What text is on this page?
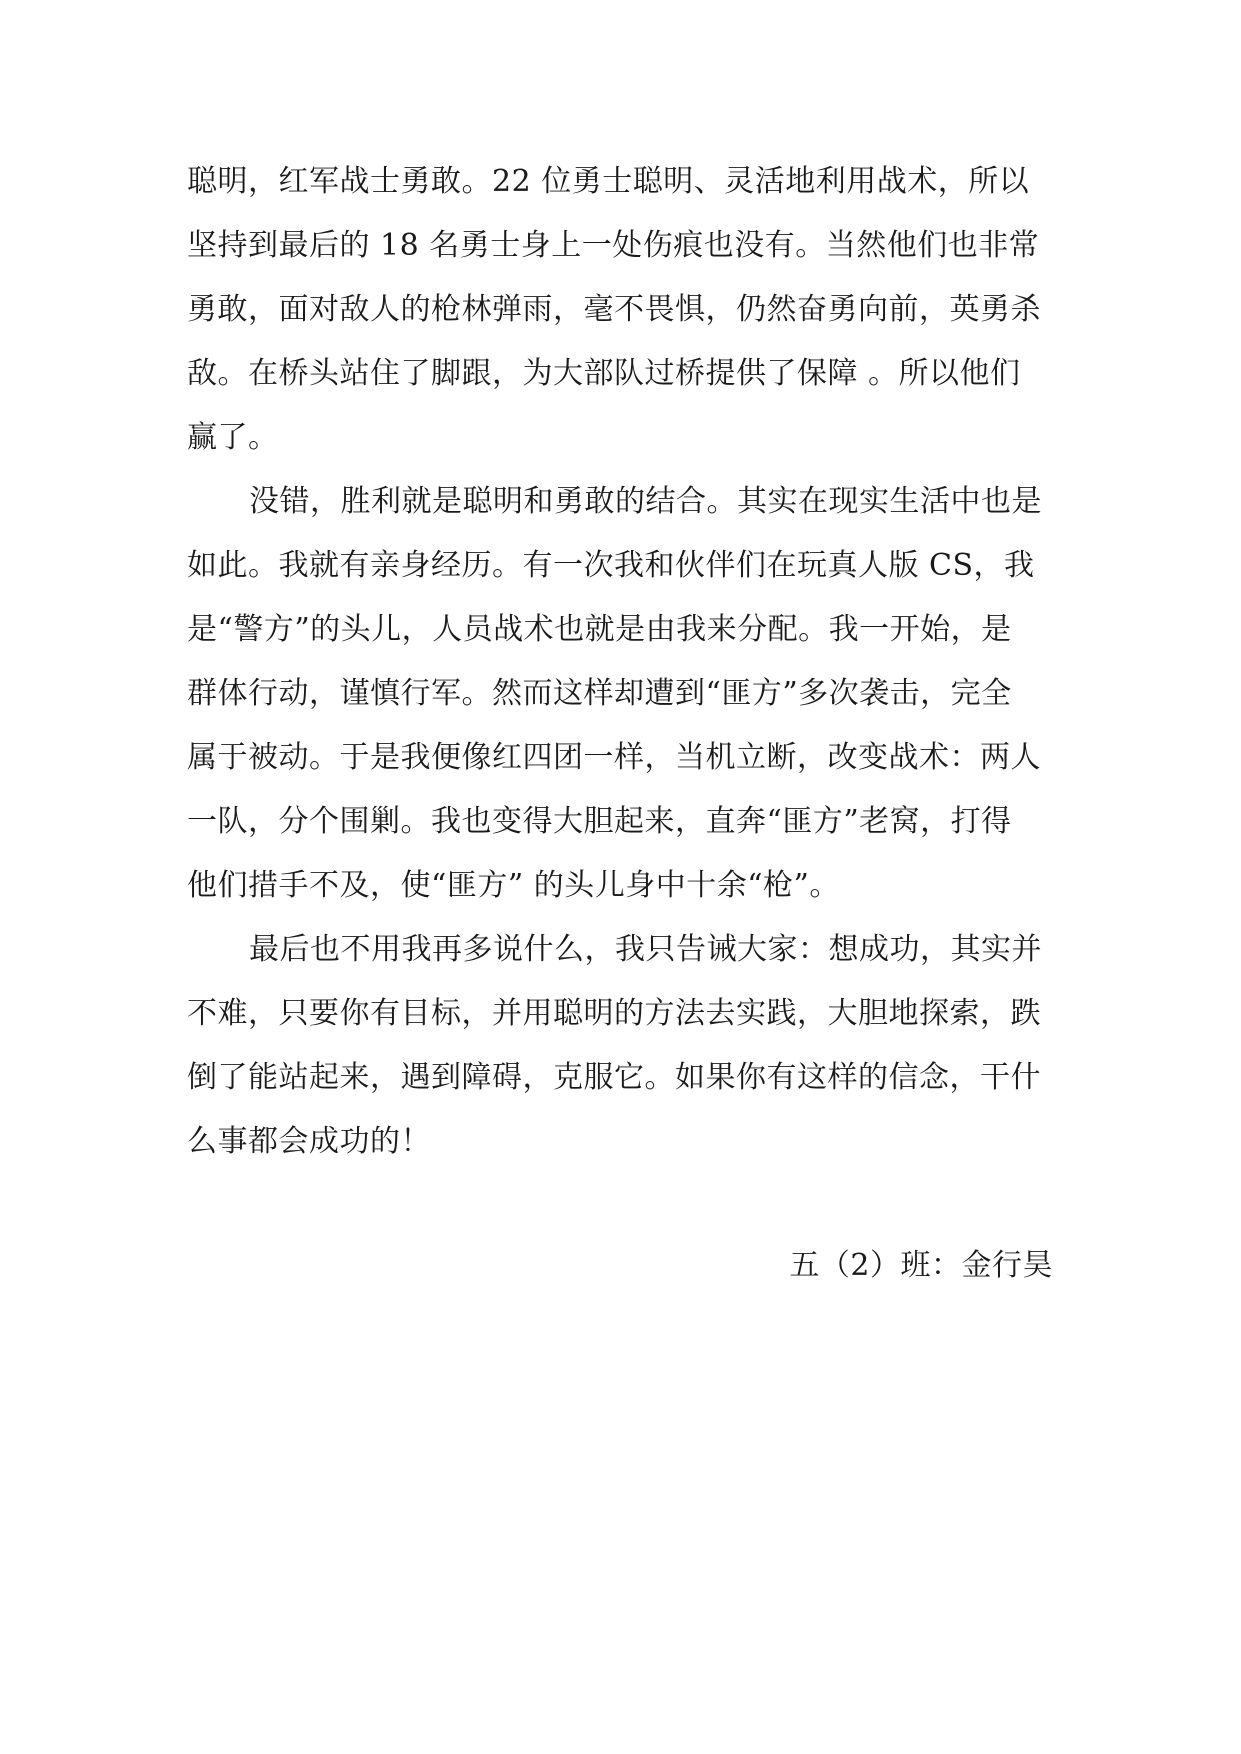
聪明，红军战士勇敢。22 位勇士聪明、灵活地利用战术，所以
坚持到最后的 18 名勇士身上一处伤痕也没有。当然他们也非常
勇敢，面对敌人的枪林弹雨，毫不畏惧，仍然奋勇向前，英勇杀
敌。在桥头站住了脚跟，为大部队过桥提供了保障 。所以他们
赢了。
没错，胜利就是聪明和勇敢的结合。其实在现实生活中也是
如此。我就有亲身经历。有一次我和伙伴们在玩真人版 CS，我
是“警方”的头儿，人员战术也就是由我来分配。我一开始，是
群体行动，谨慎行军。然而这样却遭到“匪方”多次袭击，完全
属于被动。于是我便像红四团一样，当机立断，改变战术：两人
一队，分个围剿。我也变得大胆起来，直奔“匪方”老窝，打得
他们措手不及，使“匪方” 的头儿身中十余“枪”。
最后也不用我再多说什么，我只告诫大家：想成功，其实并
不难，只要你有目标，并用聪明的方法去实践，大胆地探索，跌
倒了能站起来，遇到障碍，克服它。如果你有这样的信念，干什
么事都会成功的！
五（2）班：金行昊
